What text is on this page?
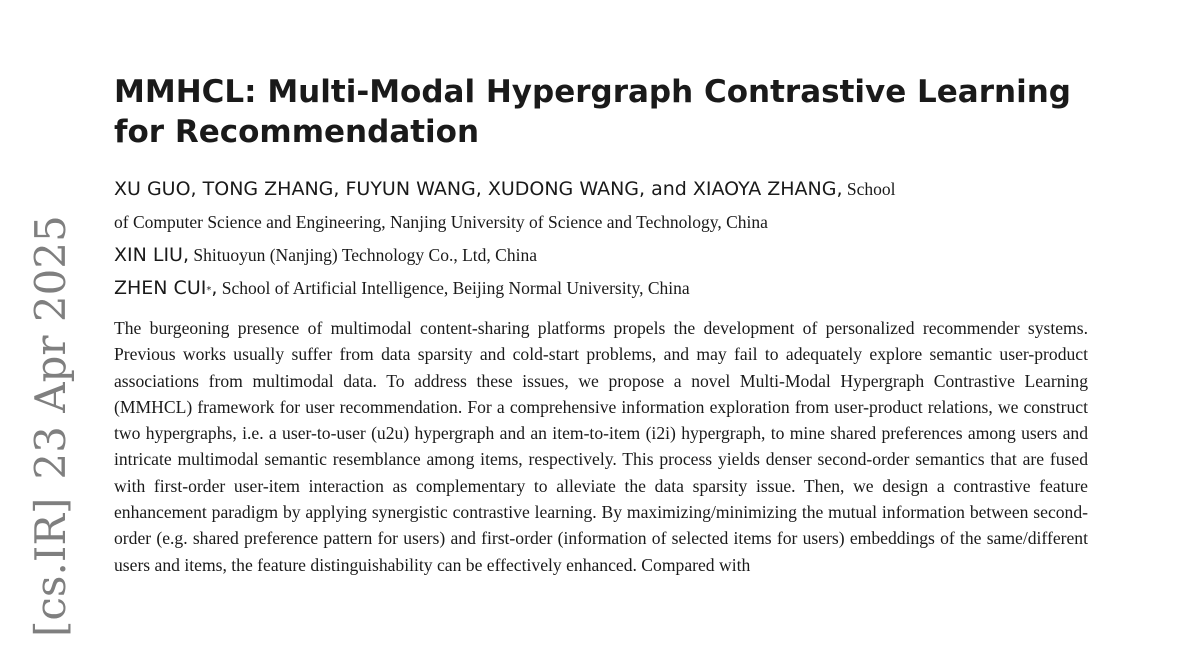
[cs.IR]23 Apr 2025
MMHCL: Multi-Modal Hypergraph Contrastive Learning for Recommendation
XU GUO, TONG ZHANG, FUYUN WANG, XUDONG WANG, and XIAOYA ZHANG, School
of Computer Science and Engineering, Nanjing University of Science and Technology, China
XIN LIU, Shituoyun (Nanjing) Technology Co., Ltd, China
ZHEN CUI*, School of Artificial Intelligence, Beijing Normal University, China

The burgeoning presence of multimodal content-sharing platforms propels the development of personalized recommender systems. Previous works usually suffer from data sparsity and cold-start problems, and may fail to adequately explore semantic user-product associations from multimodal data. To address these issues, we propose a novel Multi-Modal Hypergraph Contrastive Learning (MMHCL) framework for user recommendation. For a comprehensive information exploration from user-product relations, we construct two hypergraphs, i.e. a user-to-user (u2u) hypergraph and an item-to-item (i2i) hypergraph, to mine shared preferences among users and intricate multimodal semantic resemblance among items, respectively. This process yields denser second-order semantics that are fused with first-order user-item interaction as complementary to alleviate the data sparsity issue. Then, we design a contrastive feature enhancement paradigm by applying synergistic contrastive learning. By maximizing/minimizing the mutual information between second-order (e.g. shared preference pattern for users) and first-order (information of selected items for users) embeddings of the same/different users and items, the feature distinguishability can be effectively enhanced. Compared with
